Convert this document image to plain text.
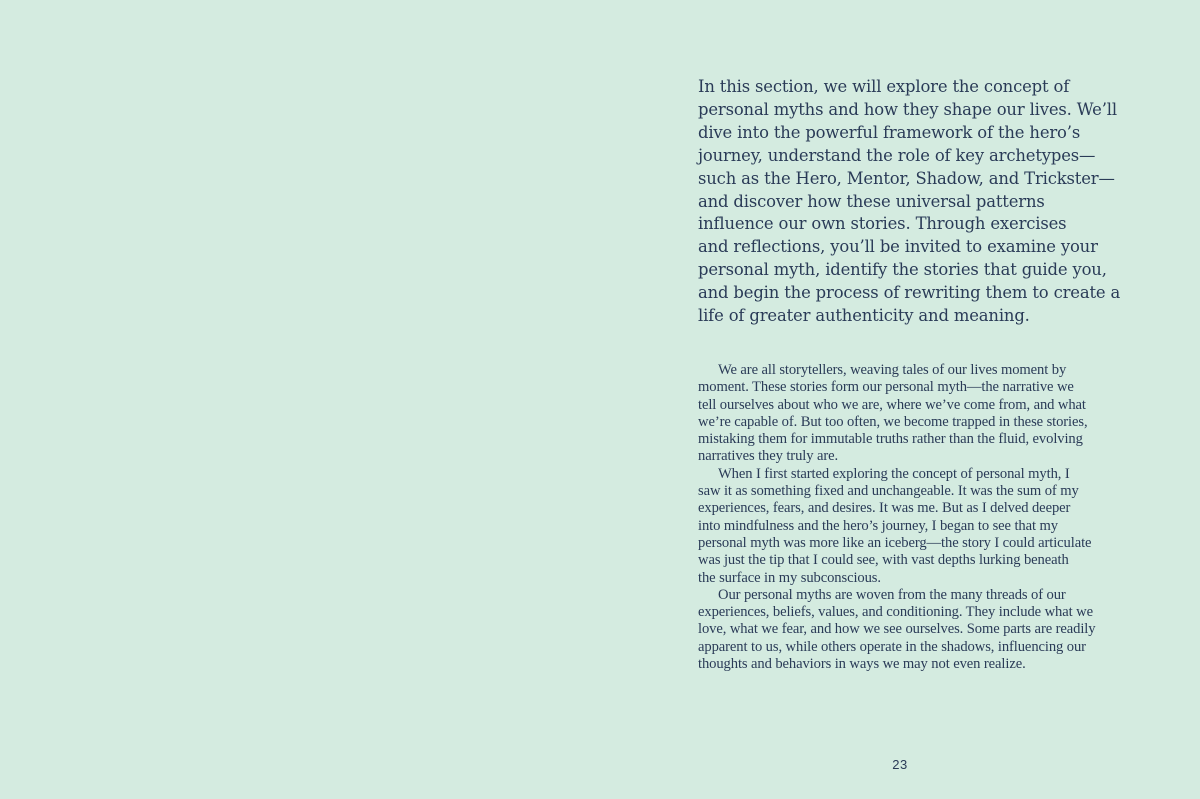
In this section, we will explore the concept of
personal myths and how they shape our lives. We’ll
dive into the powerful framework of the hero’s
journey, understand the role of key archetypes—
such as the Hero, Mentor, Shadow, and Trickster—
and discover how these universal patterns
influence our own stories. Through exercises
and reflections, you’ll be invited to examine your
personal myth, identify the stories that guide you,
and begin the process of rewriting them to create a
life of greater authenticity and meaning.
We are all storytellers, weaving tales of our lives moment by
moment. These stories form our personal myth—the narrative we
tell ourselves about who we are, where we’ve come from, and what
we’re capable of. But too often, we become trapped in these stories,
mistaking them for immutable truths rather than the fluid, evolving
narratives they truly are.
When I first started exploring the concept of personal myth, I
saw it as something fixed and unchangeable. It was the sum of my
experiences, fears, and desires. It was me. But as I delved deeper
into mindfulness and the hero’s journey, I began to see that my
personal myth was more like an iceberg—the story I could articulate
was just the tip that I could see, with vast depths lurking beneath
the surface in my subconscious.
Our personal myths are woven from the many threads of our
experiences, beliefs, values, and conditioning. They include what we
love, what we fear, and how we see ourselves. Some parts are readily
apparent to us, while others operate in the shadows, influencing our
thoughts and behaviors in ways we may not even realize.
23
